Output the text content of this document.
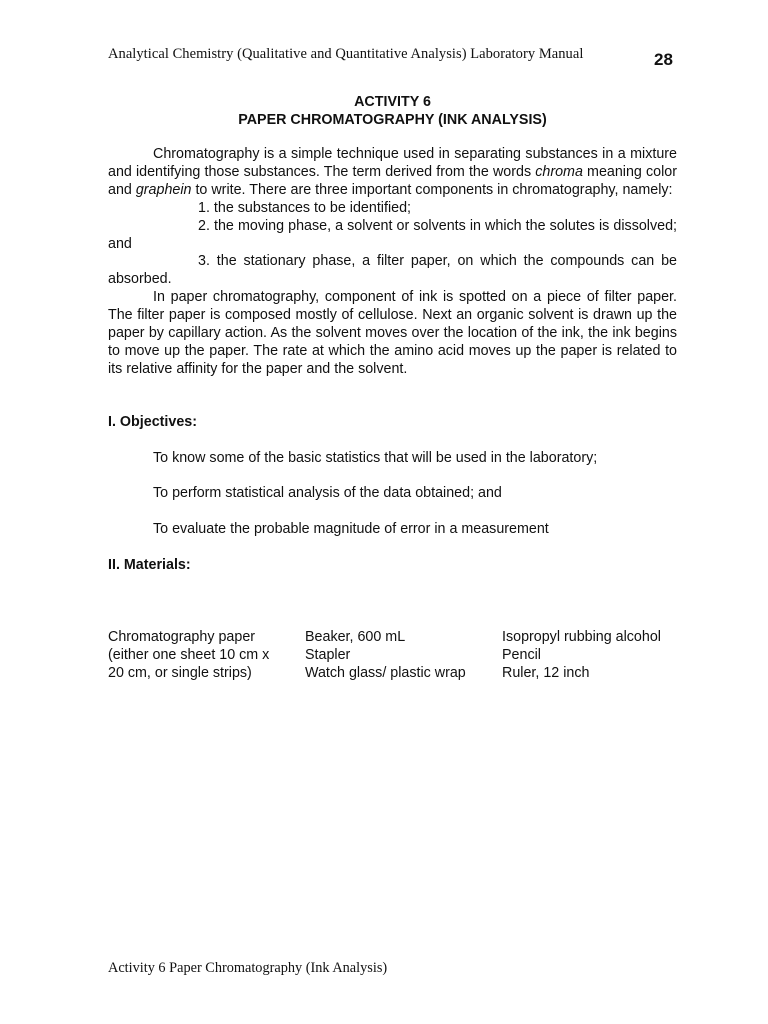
Analytical Chemistry (Qualitative and Quantitative Analysis) Laboratory Manual	28
ACTIVITY 6
PAPER CHROMATOGRAPHY (INK ANALYSIS)

Chromatography is a simple technique used in separating substances in a mixture and identifying those substances. The term derived from the words chroma meaning color and graphein to write. There are three important components in chromatography, namely:

1. the substances to be identified;

2. the moving phase, a solvent or solvents in which the solutes is dissolved; and

3. the stationary phase, a filter paper, on which the compounds can be absorbed.

In paper chromatography, component of ink is spotted on a piece of filter paper. The filter paper is composed mostly of cellulose. Next an organic solvent is drawn up the paper by capillary action. As the solvent moves over the location of the ink, the ink begins to move up the paper. The rate at which the amino acid moves up the paper is related to its relative affinity for the paper and the solvent.

I. Objectives:
To know some of the basic statistics that will be used in the laboratory;
To perform statistical analysis of the data obtained; and
To evaluate the probable magnitude of error in a measurement
II. Materials:
Chromatography paper
(either one sheet 10 cm x
20 cm, or single strips)
Beaker, 600 mL
Stapler
Watch glass/ plastic wrap
Isopropyl rubbing alcohol
Pencil
Ruler, 12 inch
Activity 6 Paper Chromatography (Ink Analysis)
